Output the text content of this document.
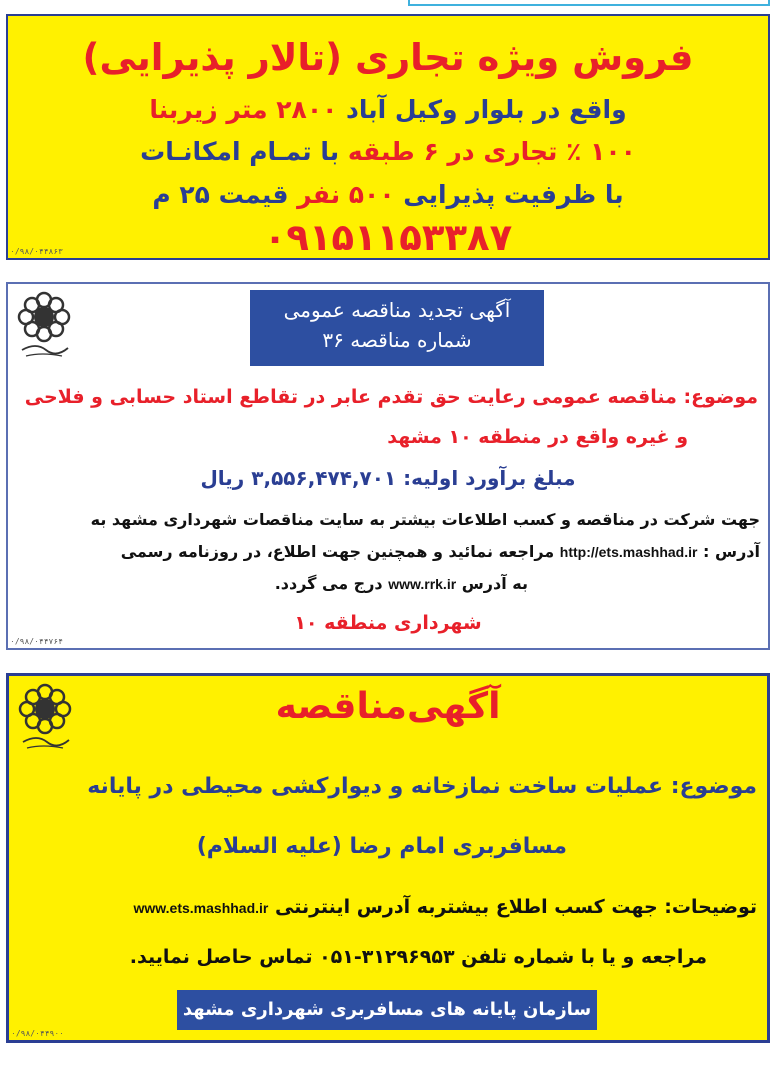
فروش ویژه تجاری (تالار پذیرایی)
واقع در بلوار وکیل آباد ۲۸۰۰ متر زیربنا
۱۰۰ ٪ تجاری در ۶ طبقه با تمـام امکانـات
با ظرفیت پذیرایی ۵۰۰ نفر قیمت ۲۵ م
۰۹۱۵۱۱۵۳۳۸۷
۰/۹۸/۰۴۴۸۶۳
آگهی تجدید مناقصه عمومی
شماره مناقصه ۳۶
موضوع: مناقصه عمومی رعایت حق تقدم عابر در تقاطع استاد حسابی و فلاحی
و غیره واقع در منطقه ۱۰ مشهد
مبلغ برآورد اولیه: ۳,۵۵۶,۴۷۴,۷۰۱ ریال
جهت شرکت در مناقصه و کسب اطلاعات بیشتر به سایت مناقصات شهرداری مشهد به
آدرس : http://ets.mashhad.ir مراجعه نمائید و همچنین جهت اطلاع، در روزنامه رسمی
به آدرس www.rrk.ir درج می گردد.
شهرداری منطقه ۱۰
۰/۹۸/۰۴۴۷۶۴
آگهی‌مناقصه
موضوع: عملیات ساخت نمازخانه و دیوارکشی محیطی در پایانه
مسافربری امام رضا (علیه السلام)
توضیحات: جهت کسب اطلاع بیشتربه آدرس اینترنتی www.ets.mashhad.ir
مراجعه و یا با شماره تلفن ۳۱۲۹۶۹۵۳-۰۵۱ تماس حاصل نمایید.
سازمان پایانه های مسافربری شهرداری مشهد
۰/۹۸/۰۴۴۹۰۰
